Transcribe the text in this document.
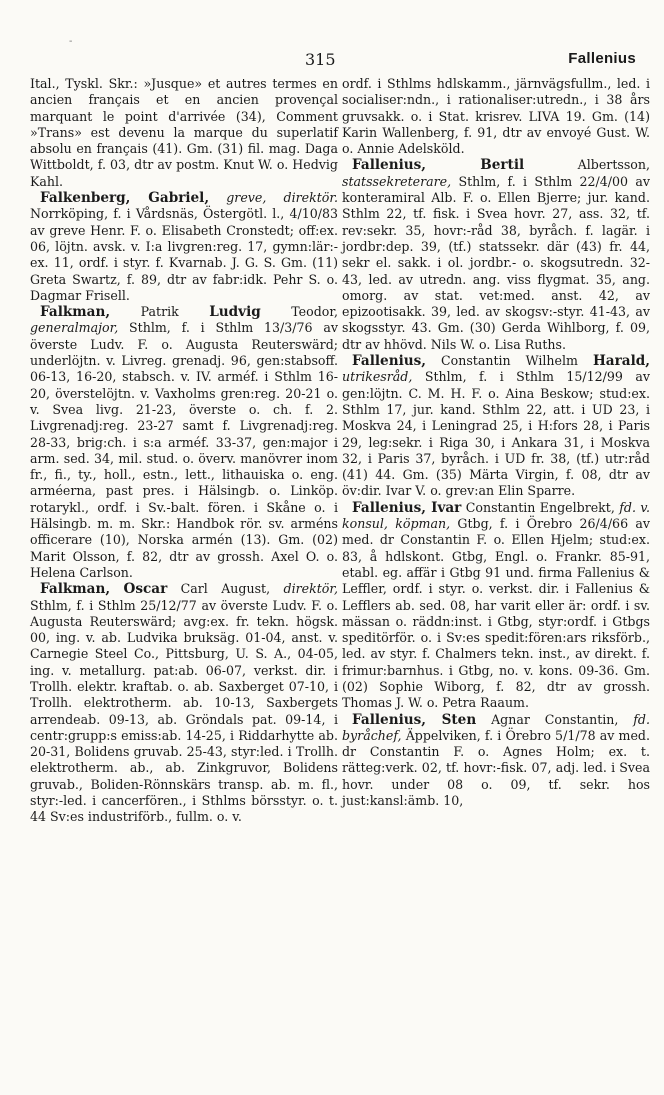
-
315	Fallenius

Ital., Tyskl. Skr.: »Jusque» et autres termes en ancien français et en ancien provençal marquant le point d'arrivée (34), Comment »Trans» est devenu la marque du superlatif absolu en français (41). Gm. (31) fil. mag. Daga Wittboldt, f. 03, dtr av postm. Knut W. o. Hedvig Kahl.

Falkenberg, Gabriel, greve, direktör. Norrköping, f. i Vårdsnäs, Östergötl. l., 4/10/83 av greve Henr. F. o. Elisabeth Cronstedt; off:ex. 06, löjtn. avsk. v. I:a livgren:reg. 17, gymn:lär:-ex. 11, ordf. i styr. f. Kvarnab. J. G. S. Gm. (11) Greta Swartz, f. 89, dtr av fabr:idk. Pehr S. o. Dagmar Frisell.

Falkman, Patrik Ludvig Teodor, generalmajor, Sthlm, f. i Sthlm 13/3/76 av överste Ludv. F. o. Augusta Reuterswärd; underlöjtn. v. Livreg. grenadj. 96, gen:stabsoff. 06-13, 16-20, stabsch. v. IV. arméf. i Sthlm 16-20, överstelöjtn. v. Vaxholms gren:reg. 20-21 o. v. Svea livg. 21-23, överste o. ch. f. 2. Livgrenadj:reg. 23-27 samt f. Livgrenadj:reg. 28-33, brig:ch. i s:a arméf. 33-37, gen:major i arm. sed. 34, mil. stud. o. överv. manövrer inom fr., fi., ty., holl., estn., lett., lithauiska o. eng. arméerna, past pres. i Hälsingb. o. Linköp. rotarykl., ordf. i Sv.-balt. fören. i Skåne o. i Hälsingb. m. m. Skr.: Handbok rör. sv. arméns officerare (10), Norska armén (13). Gm. (02) Marit Olsson, f. 82, dtr av grossh. Axel O. o. Helena Carlson.

Falkman, Oscar Carl August, direktör, Sthlm, f. i Sthlm 25/12/77 av överste Ludv. F. o. Augusta Reuterswärd; avg:ex. fr. tekn. högsk. 00, ing. v. ab. Ludvika bruksäg. 01-04, anst. v. Carnegie Steel Co., Pittsburg, U. S. A., 04-05, ing. v. metallurg. pat:ab. 06-07, verkst. dir. i Trollh. elektr. kraftab. o. ab. Saxberget 07-10, i Trollh. elektrotherm. ab. 10-13, Saxbergets arrendeab. 09-13, ab. Gröndals pat. 09-14, i centr:grupp:s emiss:ab. 14-25, i Riddarhytte ab. 20-31, Bolidens gruvab. 25-43, styr:led. i Trollh. elektrotherm. ab., ab. Zinkgruvor, Bolidens gruvab., Boliden-Rönnskärs transp. ab. m. fl., styr:-led. i cancerfören., i Sthlms börsstyr. o. t. 44 Sv:es industriförb., fullm. o. v.

ordf. i Sthlms hdlskamm., järnvägsfullm., led. i socialiser:ndn., i rationaliser:utredn., i 38 års gruvsakk. o. i Stat. krisrev. LIVA 19. Gm. (14) Karin Wallenberg, f. 91, dtr av envoyé Gust. W. o. Annie Adelsköld.

Fallenius, Bertil	Albertsson, statssekreterare, Sthlm, f. i Sthlm 22/4/00 av konteramiral Alb. F. o. Ellen Bjerre; jur. kand. Sthlm 22, tf. fisk. i Svea hovr. 27, ass. 32, tf. rev:sekr. 35, hovr:-råd 38, byråch. f. lagär. i jordbr:dep. 39, (tf.) statssekr. där (43) fr. 44, sekr el. sakk. i ol. jordbr.- o. skogsutredn. 32-43, led. av utredn. ang. viss flygmat. 35, ang. omorg. av stat. vet:med. anst. 42, av epizootisakk. 39, led. av skogsv:-styr. 41-43, av skogsstyr. 43. Gm. (30) Gerda Wihlborg, f. 09, dtr av hhövd. Nils W. o. Lisa Ruths.

Fallenius, Constantin Wilhelm Harald, utrikesråd, Sthlm, f. i Sthlm 15/12/99 av gen:löjtn. C. M. H. F. o. Aina Beskow; stud:ex. Sthlm 17, jur. kand. Sthlm 22, att. i UD 23, i Moskva 24, i Leningrad 25, i H:fors 28, i Paris 29, leg:sekr. i Riga 30, i Ankara 31, i Moskva 32, i Paris 37, byråch. i UD fr. 38, (tf.) utr:råd (41) 44. Gm. (35) Märta Virgin, f. 08, dtr av öv:dir. Ivar V. o. grev:an Elin Sparre.

Fallenius, Ivar Constantin Engelbrekt, fd. v. konsul, köpman, Gtbg, f. i Örebro 26/4/66 av med. dr Constantin F. o. Ellen Hjelm; stud:ex. 83, å hdlskont. Gtbg, Engl. o. Frankr. 85-91, etabl. eg. affär i Gtbg 91 und. firma Fallenius & Leffler, ordf. i styr. o. verkst. dir. i Fallenius & Lefflers ab. sed. 08, har varit eller är: ordf. i sv. mässan o. räddn:inst. i Gtbg, styr:ordf. i Gtbgs speditörför. o. i Sv:es spedit:fören:ars riksförb., led. av styr. f. Chalmers tekn. inst., av direkt. f. frimur:barnhus. i Gtbg, no. v. kons. 09-36. Gm. (02) Sophie Wiborg, f. 82, dtr av grossh. Thomas J. W. o. Petra Raaum.

Fallenius, Sten Agnar Constantin, fd. byråchef, Äppelviken, f. i Örebro 5/1/78 av med. dr Constantin F. o. Agnes Holm; ex. t. rätteg:verk. 02, tf. hovr:-fisk. 07, adj. led. i Svea hovr. under 08 o. 09, tf. sekr. hos just:kansl:ämb. 10,
